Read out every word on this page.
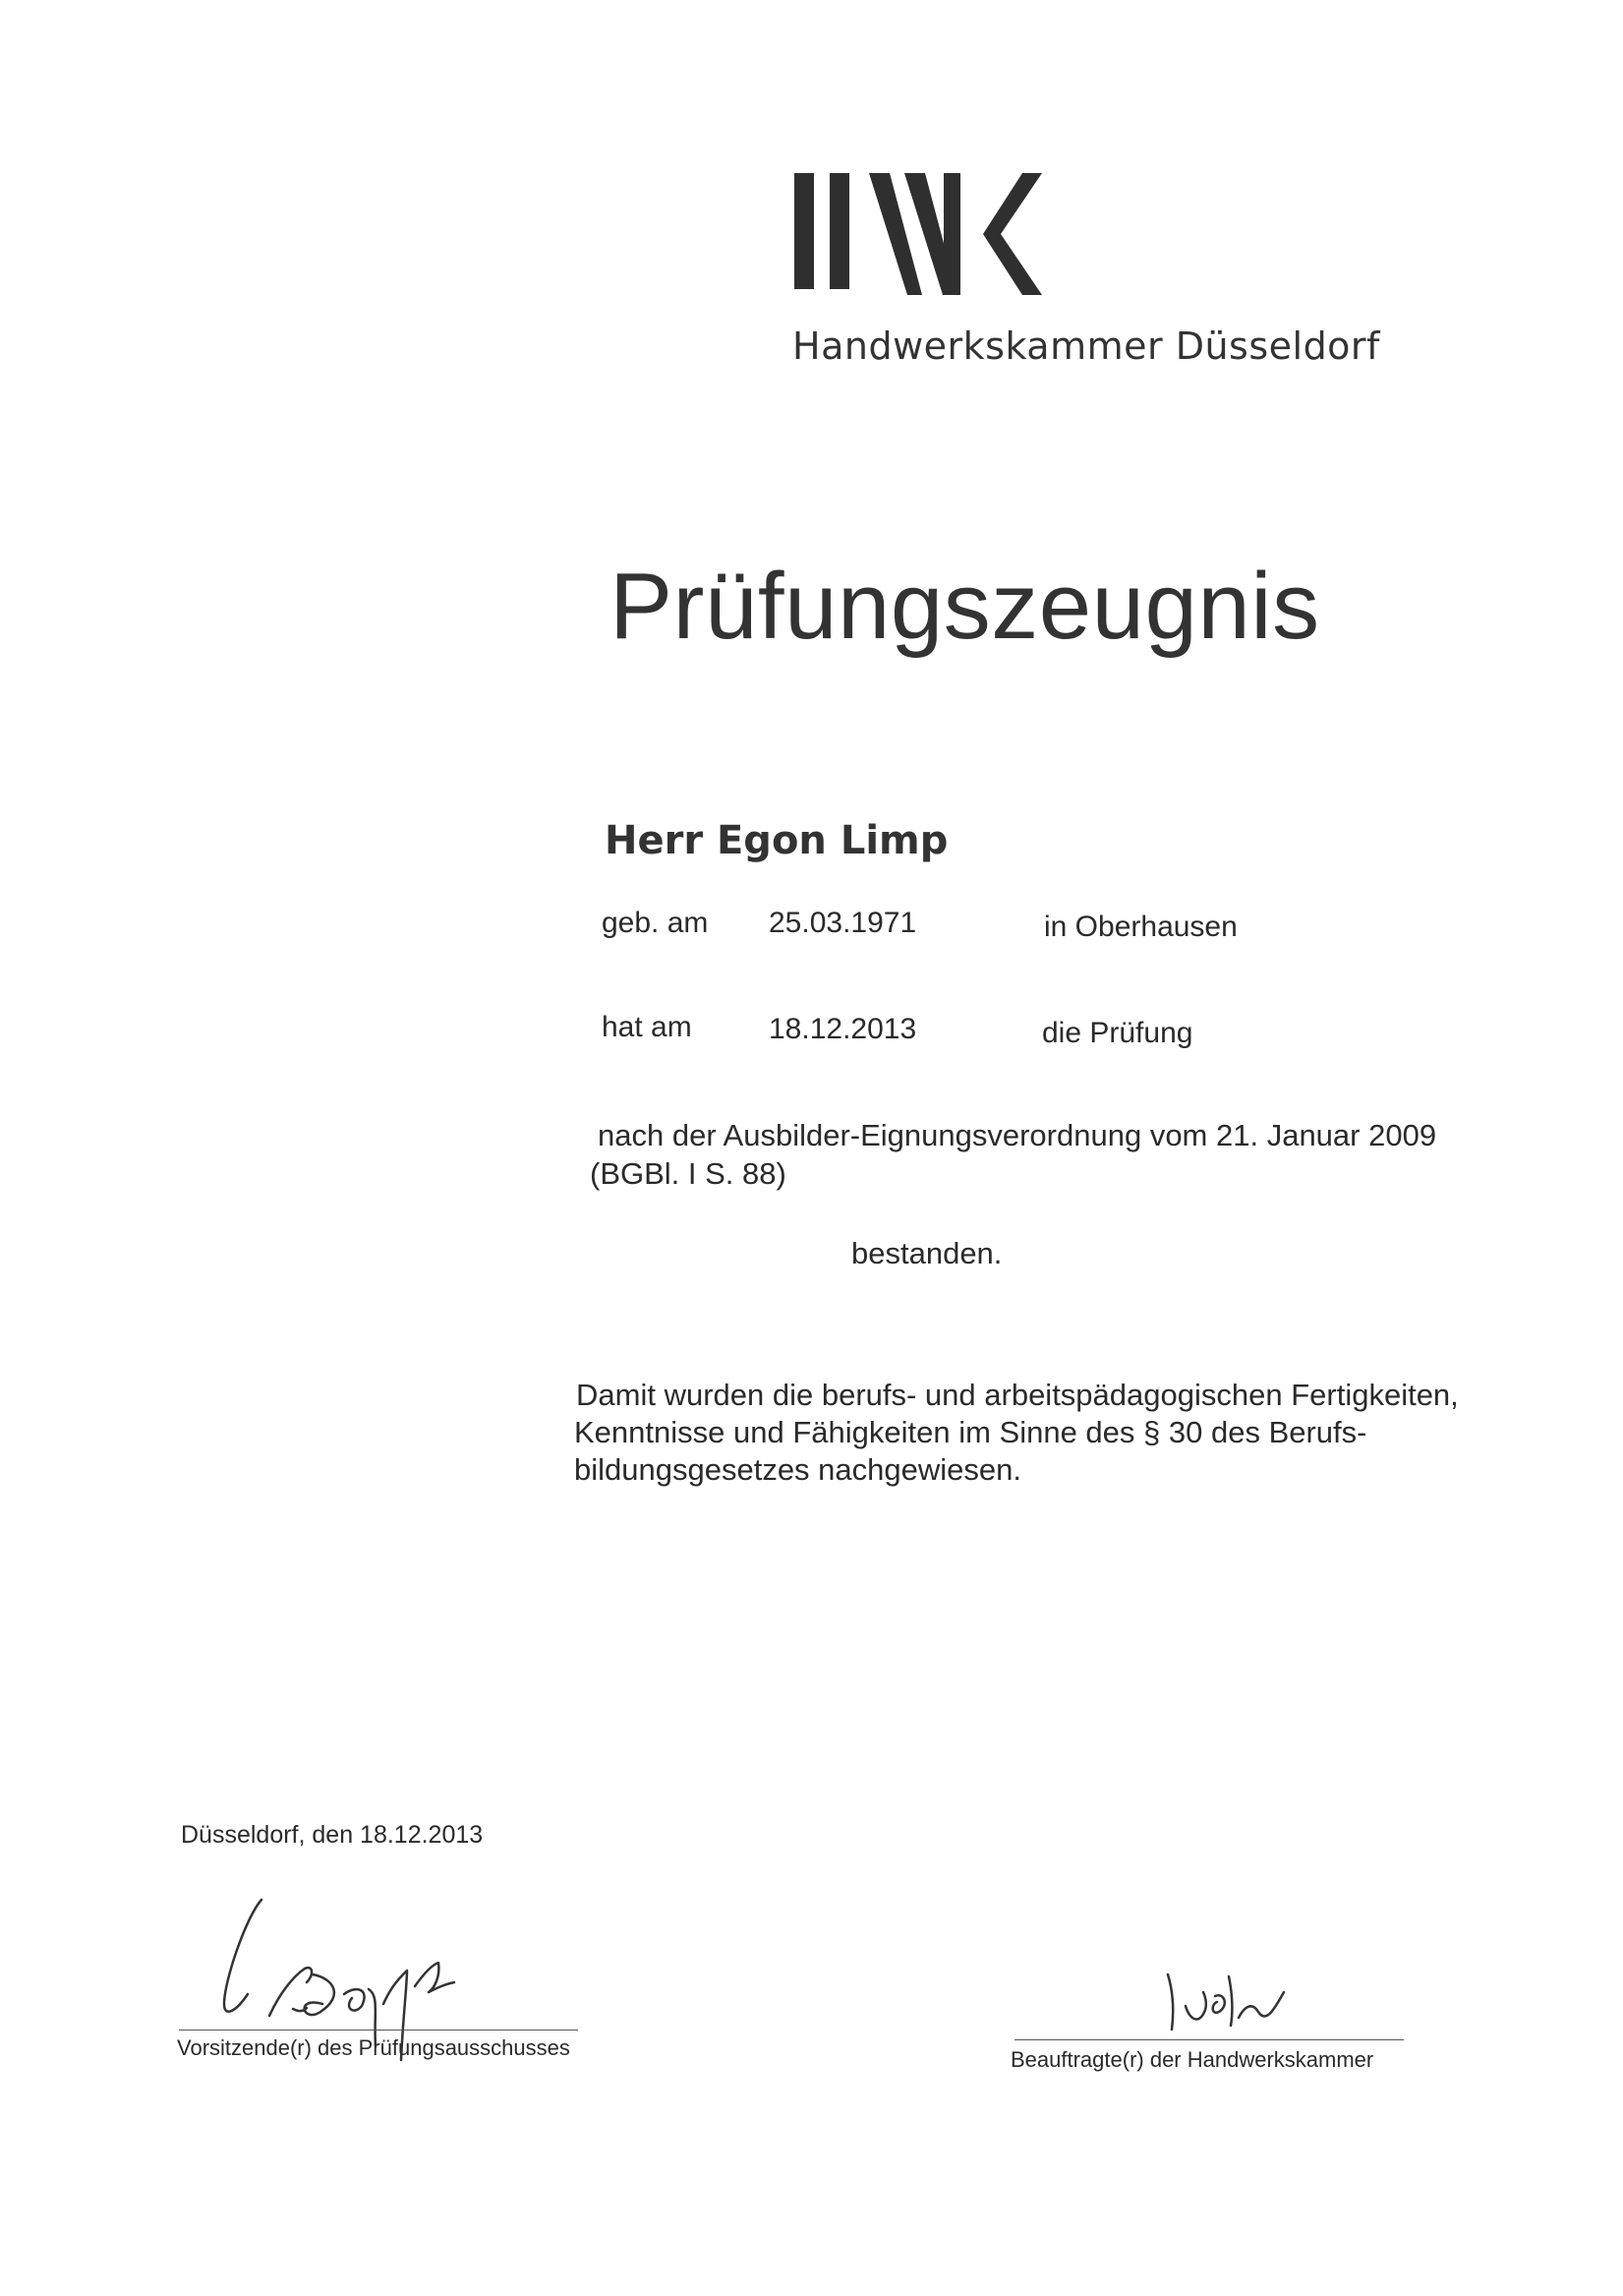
Handwerkskammer Düsseldorf
Prüfungszeugnis
Herr Egon Limp
geb. am 25.03.1971	in Oberhausen
hat am	18.12.2013	die Prüfung
nach der Ausbilder-Eignungsverordnung vom 21. Januar 2009
(BGBl. I S. 88)
bestanden.
Damit wurden die berufs- und arbeitspädagogischen Fertigkeiten,
Kenntnisse und Fähigkeiten im Sinne des § 30 des Berufs-
bildungsgesetzes nachgewiesen.
Düsseldorf, den 18.12.2013
Vorsitzende(r) des Prüfungsausschusses	Beauftragte(r) der Handwerkskammer
